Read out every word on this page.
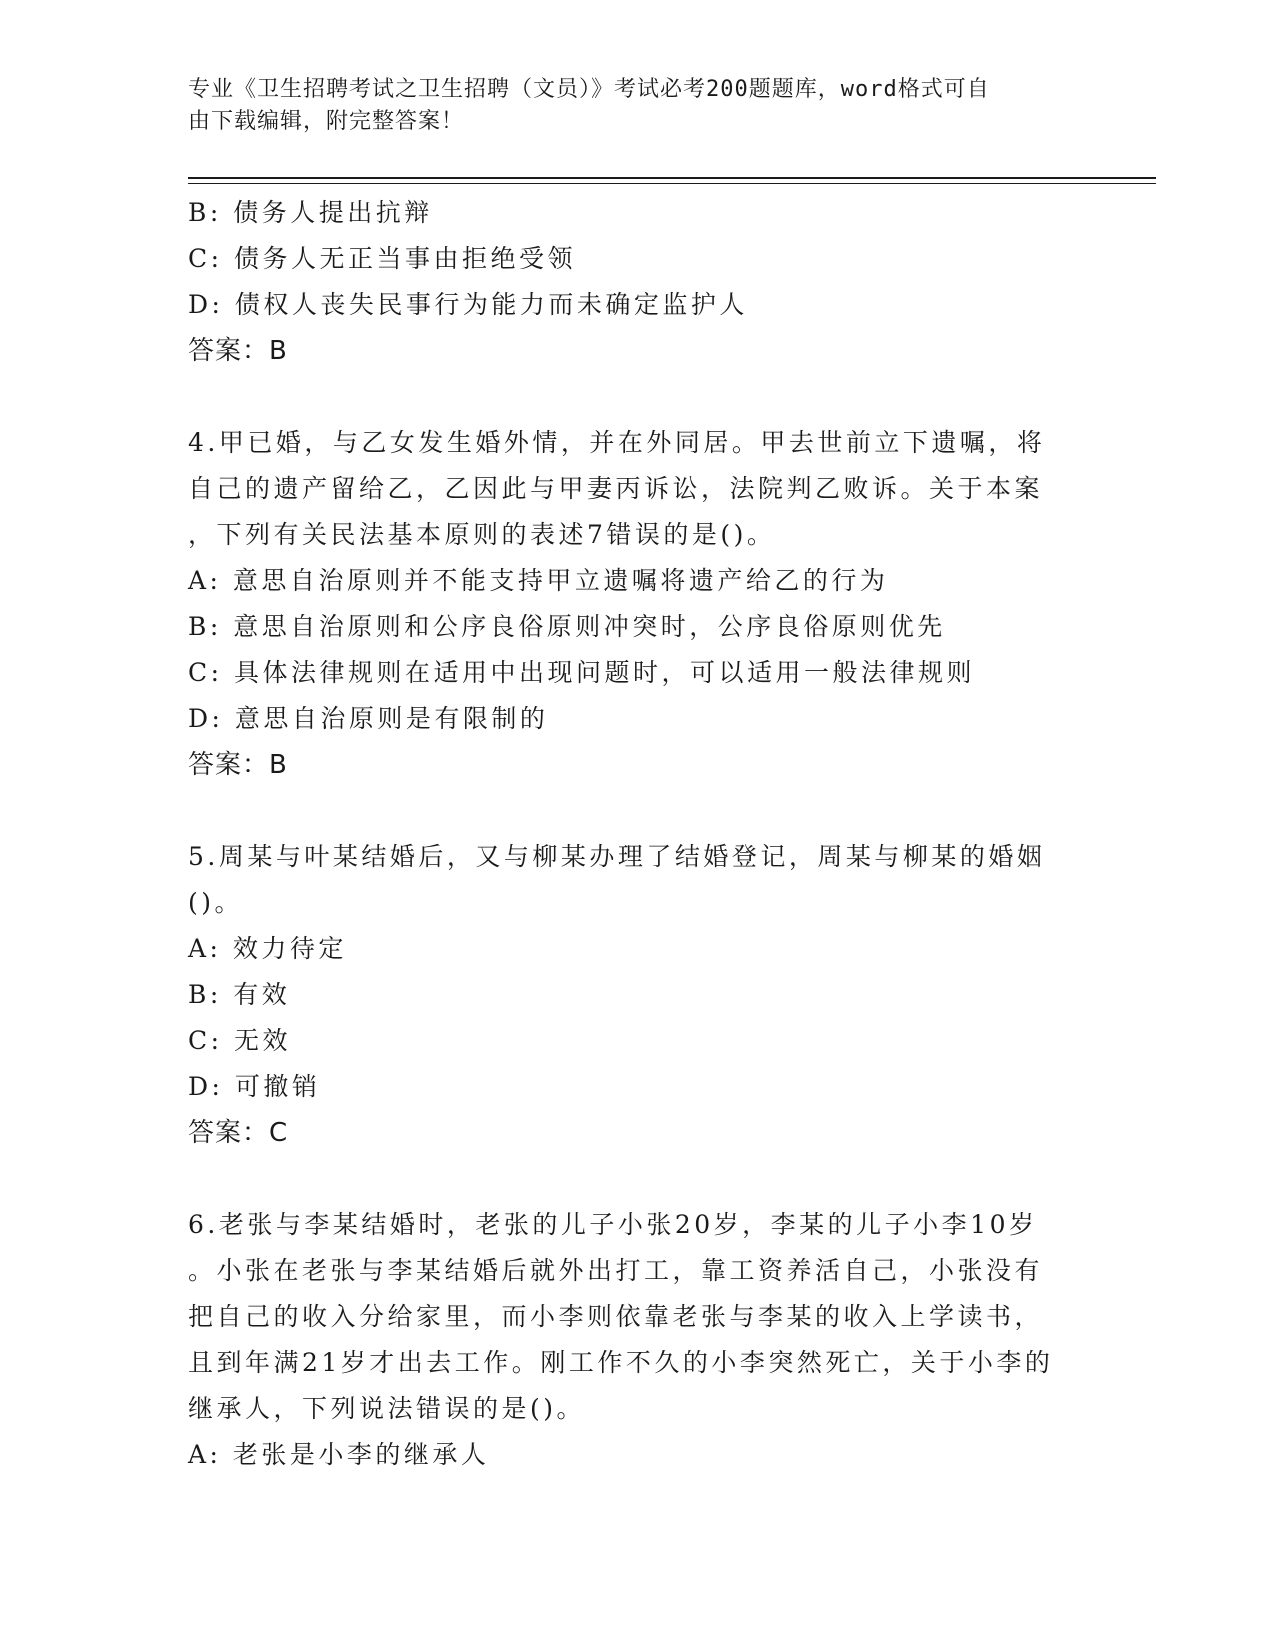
专业《卫生招聘考试之卫生招聘（文员）》考试必考200题题库，word格式可自
由下载编辑，附完整答案！
B: 债务人提出抗辩
C: 债务人无正当事由拒绝受领
D: 债权人丧失民事行为能力而未确定监护人
答案：B
4.甲已婚，与乙女发生婚外情，并在外同居。甲去世前立下遗嘱，将
自己的遗产留给乙，乙因此与甲妻丙诉讼，法院判乙败诉。关于本案
，下列有关民法基本原则的表述7错误的是()。
A: 意思自治原则并不能支持甲立遗嘱将遗产给乙的行为
B: 意思自治原则和公序良俗原则冲突时，公序良俗原则优先
C: 具体法律规则在适用中出现问题时，可以适用一般法律规则
D: 意思自治原则是有限制的
答案：B
5.周某与叶某结婚后，又与柳某办理了结婚登记，周某与柳某的婚姻
()。
A: 效力待定
B: 有效
C: 无效
D: 可撤销
答案：C
6.老张与李某结婚时，老张的儿子小张20岁，李某的儿子小李10岁
。小张在老张与李某结婚后就外出打工，靠工资养活自己，小张没有
把自己的收入分给家里，而小李则依靠老张与李某的收入上学读书，
且到年满21岁才出去工作。刚工作不久的小李突然死亡，关于小李的
继承人，下列说法错误的是()。
A: 老张是小李的继承人
